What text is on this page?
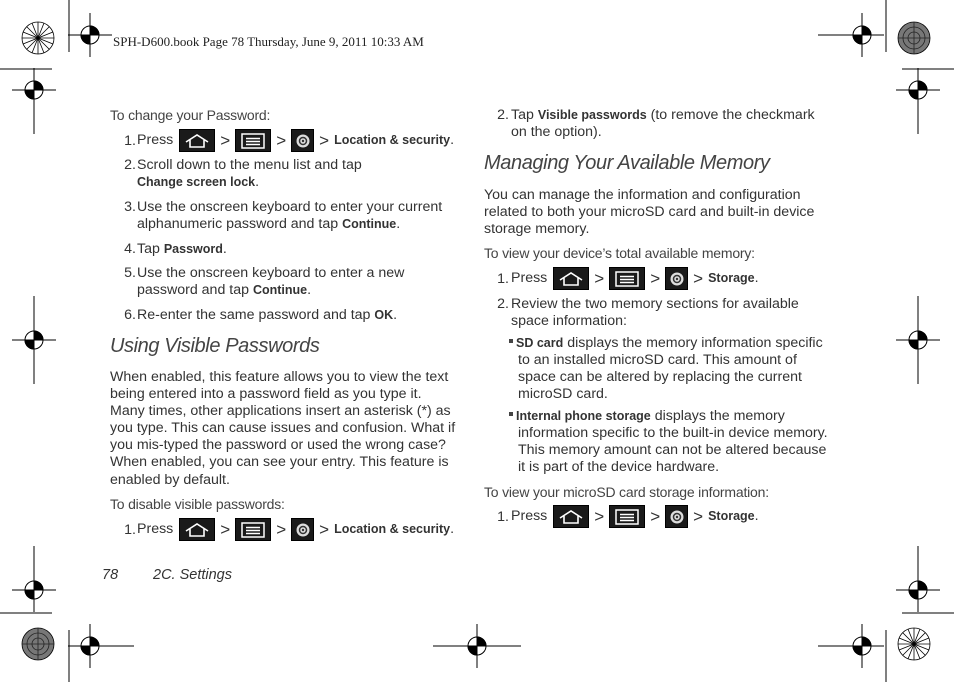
SPH-D600.book Page 78 Thursday, June 9, 2011 10:33 AM
To change your Password:
1. Press	>	> > Location & security .
2. Scroll down to the menu list and tap
Change screen lock.
3. Use the onscreen keyboard to enter your current
alphanumeric password and tap Continue.
4. Tap Password.
5. Use the onscreen keyboard to enter a new
password and tap Continue.
6. Re-enter the same password and tap OK.
Using Visible Passwords
When enabled, this feature allows you to view the text
being entered into a password field as you type it.
Many times, other applications insert an asterisk (*) as
you type. This can cause issues and confusion. What if
you mis-typed the password or used the wrong case?
When enabled, you can see your entry. This feature is
enabled by default.
To disable visible passwords:
1. Press	>	> > Location & security .
2. Tap Visible passwords (to remove the checkmark
on the option).
Managing Your Available Memory
You can manage the information and configuration
related to both your microSD card and built-in device
storage memory.
To view your device’s total available memory:
1. Press	>	> > Storage .
2. Review the two memory sections for available
space information:
SD card displays the memory information specific
to an installed microSD card. This amount of
space can be altered by replacing the current
microSD card.
Internal phone storage displays the memory
information specific to the built-in device memory.
This memory amount can not be altered because
it is part of the device hardware.
To view your microSD card storage information:
1. Press	>	> > Storage .
78 2C. Settings
